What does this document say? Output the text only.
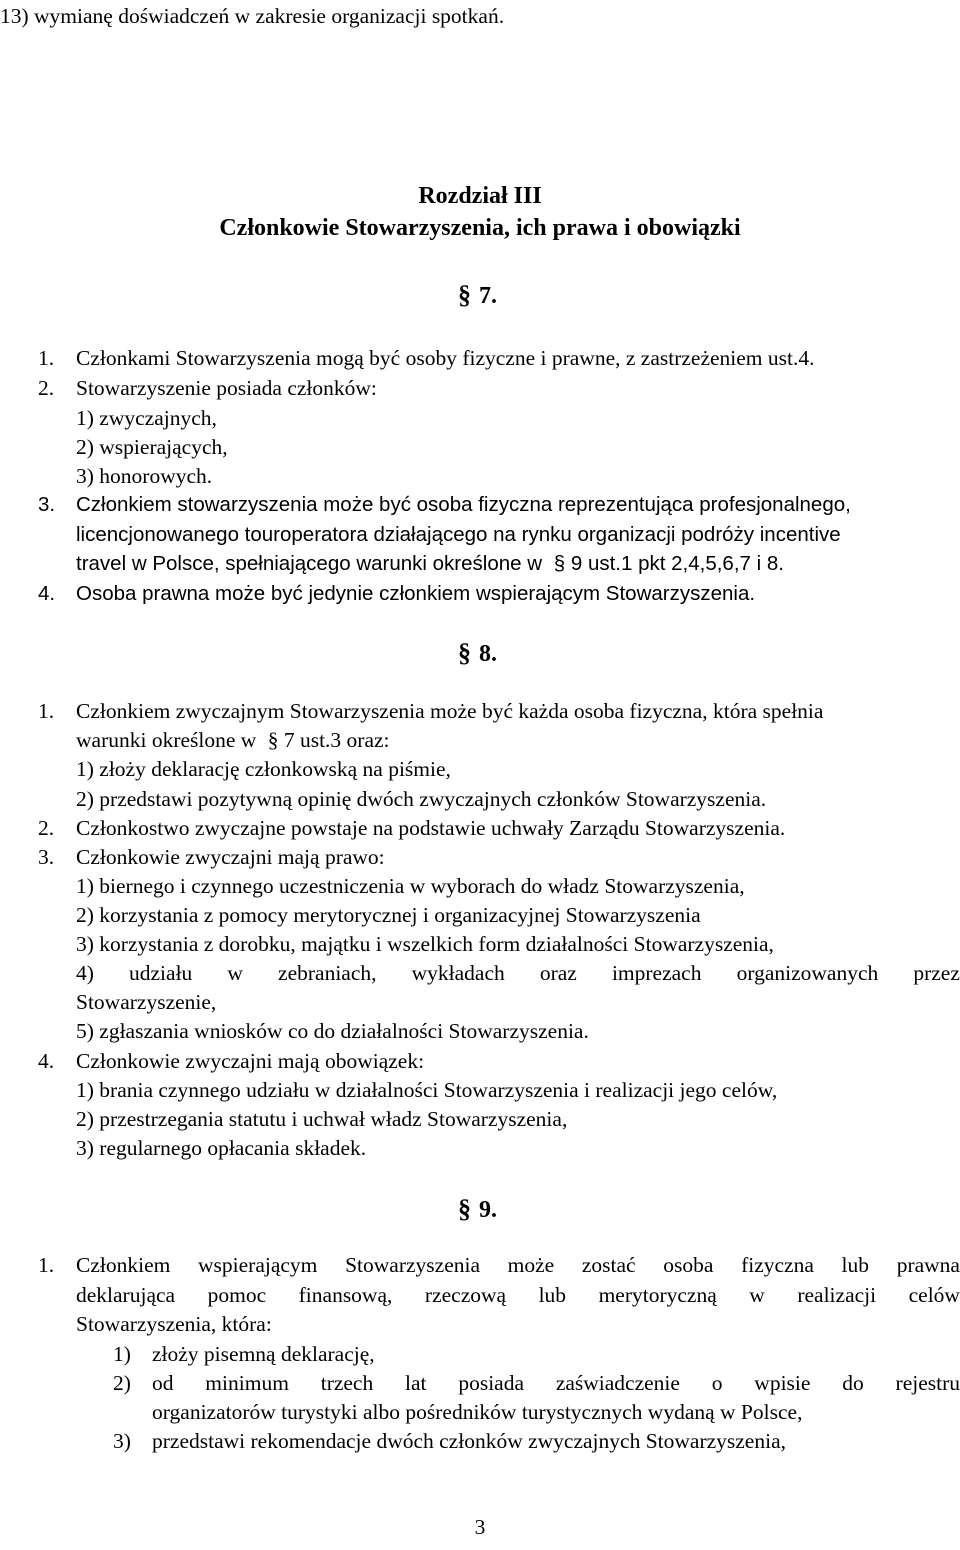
13) wymianę doświadczeń w zakresie organizacji spotkań.
Rozdział III
Członkowie Stowarzyszenia, ich prawa i obowiązki
§ 7.
1. Członkami Stowarzyszenia mogą być osoby fizyczne i prawne, z zastrzeżeniem ust.4.
2. Stowarzyszenie posiada członków:
1) zwyczajnych,
2) wspierających,
3) honorowych.
3. Członkiem stowarzyszenia może być osoba fizyczna reprezentująca profesjonalnego,
licencjonowanego touroperatora działającego na rynku organizacji podróży incentive
travel w Polsce, spełniającego warunki określone w § 9 ust.1 pkt 2,4,5,6,7 i 8.
4. Osoba prawna może być jedynie członkiem wspierającym Stowarzyszenia.
§ 8.
1. Członkiem zwyczajnym Stowarzyszenia może być każda osoba fizyczna, która spełnia
warunki określone w § 7 ust.3 oraz:
1) złoży deklarację członkowską na piśmie,
2) przedstawi pozytywną opinię dwóch zwyczajnych członków Stowarzyszenia.
2. Członkostwo zwyczajne powstaje na podstawie uchwały Zarządu Stowarzyszenia.
3. Członkowie zwyczajni mają prawo:
1) biernego i czynnego uczestniczenia w wyborach do władz Stowarzyszenia,
2) korzystania z pomocy merytorycznej i organizacyjnej Stowarzyszenia
3) korzystania z dorobku, majątku i wszelkich form działalności Stowarzyszenia,
4) udziału w zebraniach, wykładach oraz imprezach organizowanych przez
Stowarzyszenie,
5) zgłaszania wniosków co do działalności Stowarzyszenia.
4. Członkowie zwyczajni mają obowiązek:
1) brania czynnego udziału w działalności Stowarzyszenia i realizacji jego celów,
2) przestrzegania statutu i uchwał władz Stowarzyszenia,
3) regularnego opłacania składek.
§ 9.
1. Członkiem wspierającym Stowarzyszenia może zostać osoba fizyczna lub prawna
deklarująca pomoc finansową, rzeczową lub merytoryczną w realizacji celów
Stowarzyszenia, która:
1) złoży pisemną deklarację,
2) od minimum trzech lat posiada zaświadczenie o wpisie do rejestru
organizatorów turystyki albo pośredników turystycznych wydaną w Polsce,
3) przedstawi rekomendacje dwóch członków zwyczajnych Stowarzyszenia,
3
